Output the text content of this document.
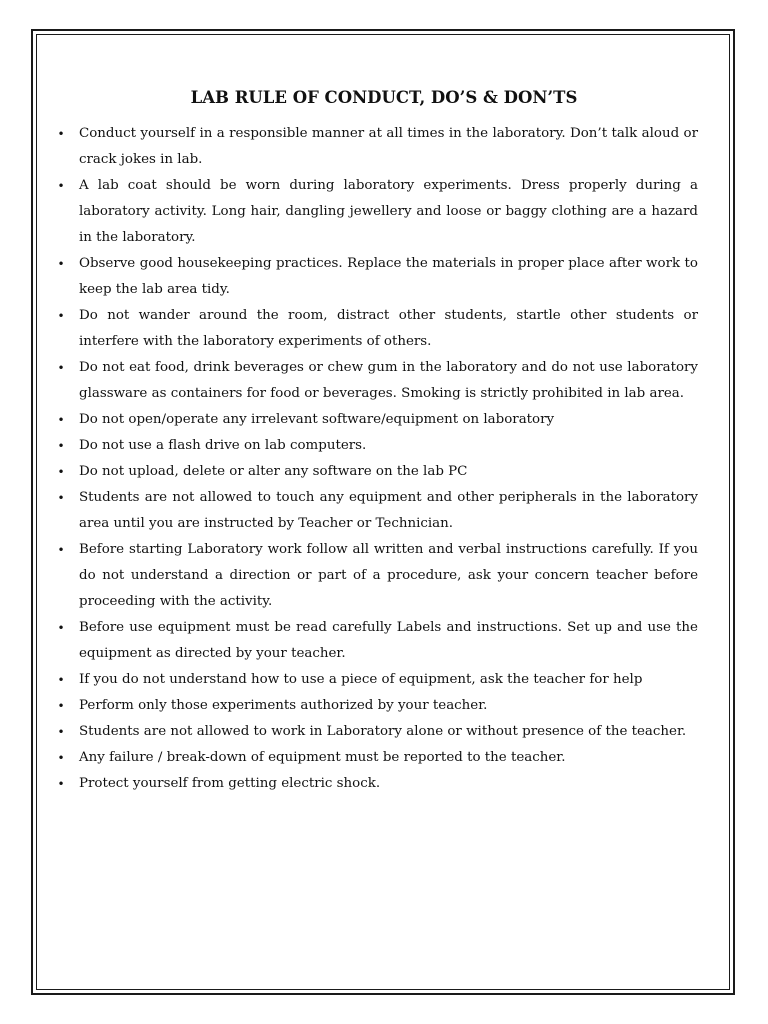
LAB RULE OF CONDUCT, DO’S & DON’TS
• Conduct yourself in a responsible manner at all times in the laboratory. Don’t talk aloud or crack jokes in lab.
• A lab coat should be worn during laboratory experiments. Dress properly during a laboratory activity. Long hair, dangling jewellery and loose or baggy clothing are a hazard in the laboratory.
• Observe good housekeeping practices. Replace the materials in proper place after work to keep the lab area tidy.
• Do not wander around the room, distract other students, startle other students or interfere with the laboratory experiments of others.
• Do not eat food, drink beverages or chew gum in the laboratory and do not use laboratory glassware as containers for food or beverages. Smoking is strictly prohibited in lab area.
• Do not open/operate any irrelevant software/equipment on laboratory
• Do not use a flash drive on lab computers.
• Do not upload, delete or alter any software on the lab PC
• Students are not allowed to touch any equipment and other peripherals in the laboratory area until you are instructed by Teacher or Technician.
• Before starting Laboratory work follow all written and verbal instructions carefully. If you do not understand a direction or part of a procedure, ask your concern teacher before proceeding with the activity.
• Before use equipment must be read carefully Labels and instructions. Set up and use the equipment as directed by your teacher.
• If you do not understand how to use a piece of equipment, ask the teacher for help
• Perform only those experiments authorized by your teacher.
• Students are not allowed to work in Laboratory alone or without presence of the teacher.
• Any failure / break-down of equipment must be reported to the teacher.
• Protect yourself from getting electric shock.
